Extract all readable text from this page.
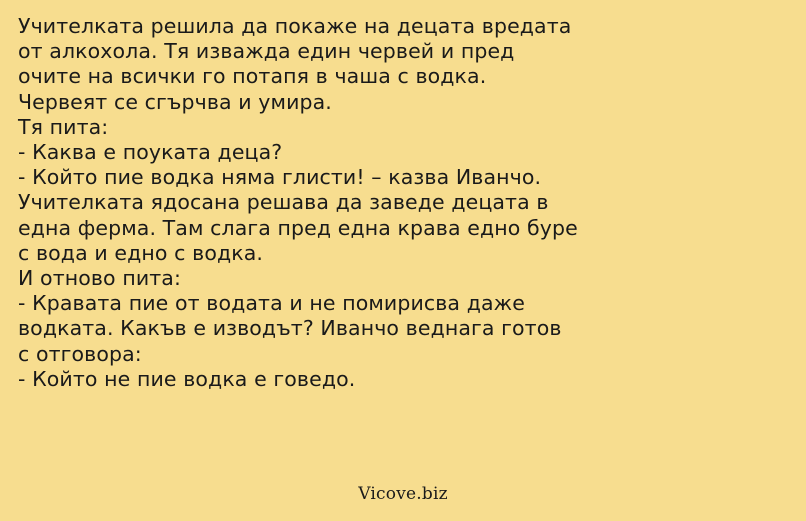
Учителката решила да покаже на децата вредата
от алкохола. Тя изважда един червей и пред
очите на всички го потапя в чаша с водка.
Червеят се сгърчва и умира.
Тя пита:
- Каква е поуката деца?
- Който пие водка няма глисти! – казва Иванчо.
Учителката ядосана решава да заведе децата в
една ферма. Там слага пред една крава едно буре
с вода и едно с водка.
И отново пита:
- Кравата пие от водата и не помирисва даже
водката. Какъв е изводът? Иванчо веднага готов
с отговора:
- Който не пие водка е говедо.
Vicove.biz
